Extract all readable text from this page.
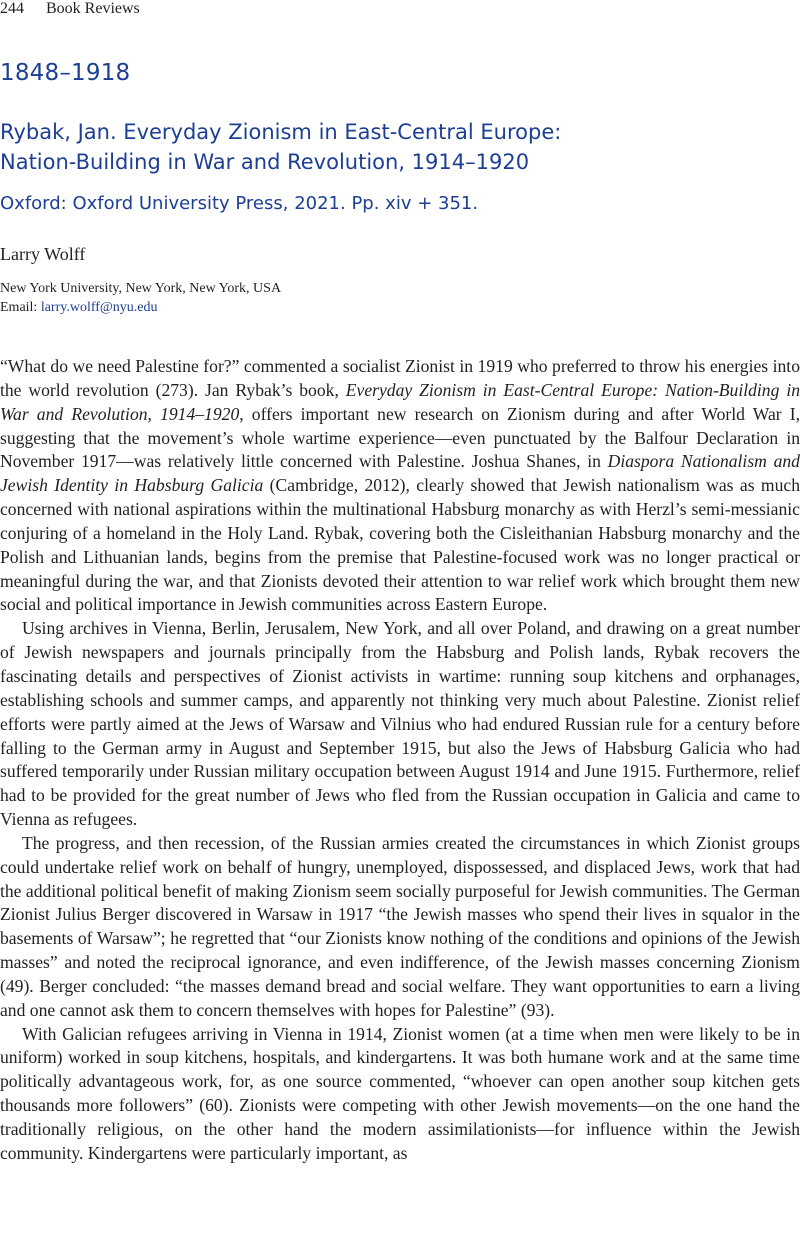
244 Book Reviews
1848–1918
Rybak, Jan. Everyday Zionism in East-Central Europe:
Nation-Building in War and Revolution, 1914–1920
Oxford: Oxford University Press, 2021. Pp. xiv + 351.
Larry Wolff
New York University, New York, New York, USA
Email: larry.wolff@nyu.edu

“What do we need Palestine for?” commented a socialist Zionist in 1919 who preferred to throw his energies into the world revolution (273). Jan Rybak’s book, Everyday Zionism in East-Central Europe: Nation-Building in War and Revolution, 1914–1920, offers important new research on Zionism during and after World War I, suggesting that the movement’s whole wartime experience—even punctuated by the Balfour Declaration in November 1917—was relatively little concerned with Palestine. Joshua Shanes, in Diaspora Nationalism and Jewish Identity in Habsburg Galicia (Cambridge, 2012), clearly showed that Jewish nationalism was as much concerned with national aspirations within the multinational Habsburg monarchy as with Herzl’s semi-messianic conjuring of a homeland in the Holy Land. Rybak, covering both the Cisleithanian Habsburg monarchy and the Polish and Lithuanian lands, begins from the premise that Palestine-focused work was no longer practical or meaningful during the war, and that Zionists devoted their attention to war relief work which brought them new social and political importance in Jewish communities across Eastern Europe.

Using archives in Vienna, Berlin, Jerusalem, New York, and all over Poland, and drawing on a great number of Jewish newspapers and journals principally from the Habsburg and Polish lands, Rybak recovers the fascinating details and perspectives of Zionist activists in wartime: running soup kitchens and orphanages, establishing schools and summer camps, and apparently not thinking very much about Palestine. Zionist relief efforts were partly aimed at the Jews of Warsaw and Vilnius who had endured Russian rule for a century before falling to the German army in August and September 1915, but also the Jews of Habsburg Galicia who had suffered temporarily under Russian military occupation between August 1914 and June 1915. Furthermore, relief had to be provided for the great number of Jews who fled from the Russian occupation in Galicia and came to Vienna as refugees.

The progress, and then recession, of the Russian armies created the circumstances in which Zionist groups could undertake relief work on behalf of hungry, unemployed, dispossessed, and displaced Jews, work that had the additional political benefit of making Zionism seem socially purposeful for Jewish communities. The German Zionist Julius Berger discovered in Warsaw in 1917 “the Jewish masses who spend their lives in squalor in the basements of Warsaw”; he regretted that “our Zionists know nothing of the conditions and opinions of the Jewish masses” and noted the reciprocal ignorance, and even indifference, of the Jewish masses concerning Zionism (49). Berger concluded: “the masses demand bread and social welfare. They want opportunities to earn a living and one cannot ask them to concern themselves with hopes for Palestine” (93).

With Galician refugees arriving in Vienna in 1914, Zionist women (at a time when men were likely to be in uniform) worked in soup kitchens, hospitals, and kindergartens. It was both humane work and at the same time politically advantageous work, for, as one source commented, “whoever can open another soup kitchen gets thousands more followers” (60). Zionists were competing with other Jewish movements—on the one hand the traditionally religious, on the other hand the modern assimilationists—for influence within the Jewish community. Kindergartens were particularly important, as
